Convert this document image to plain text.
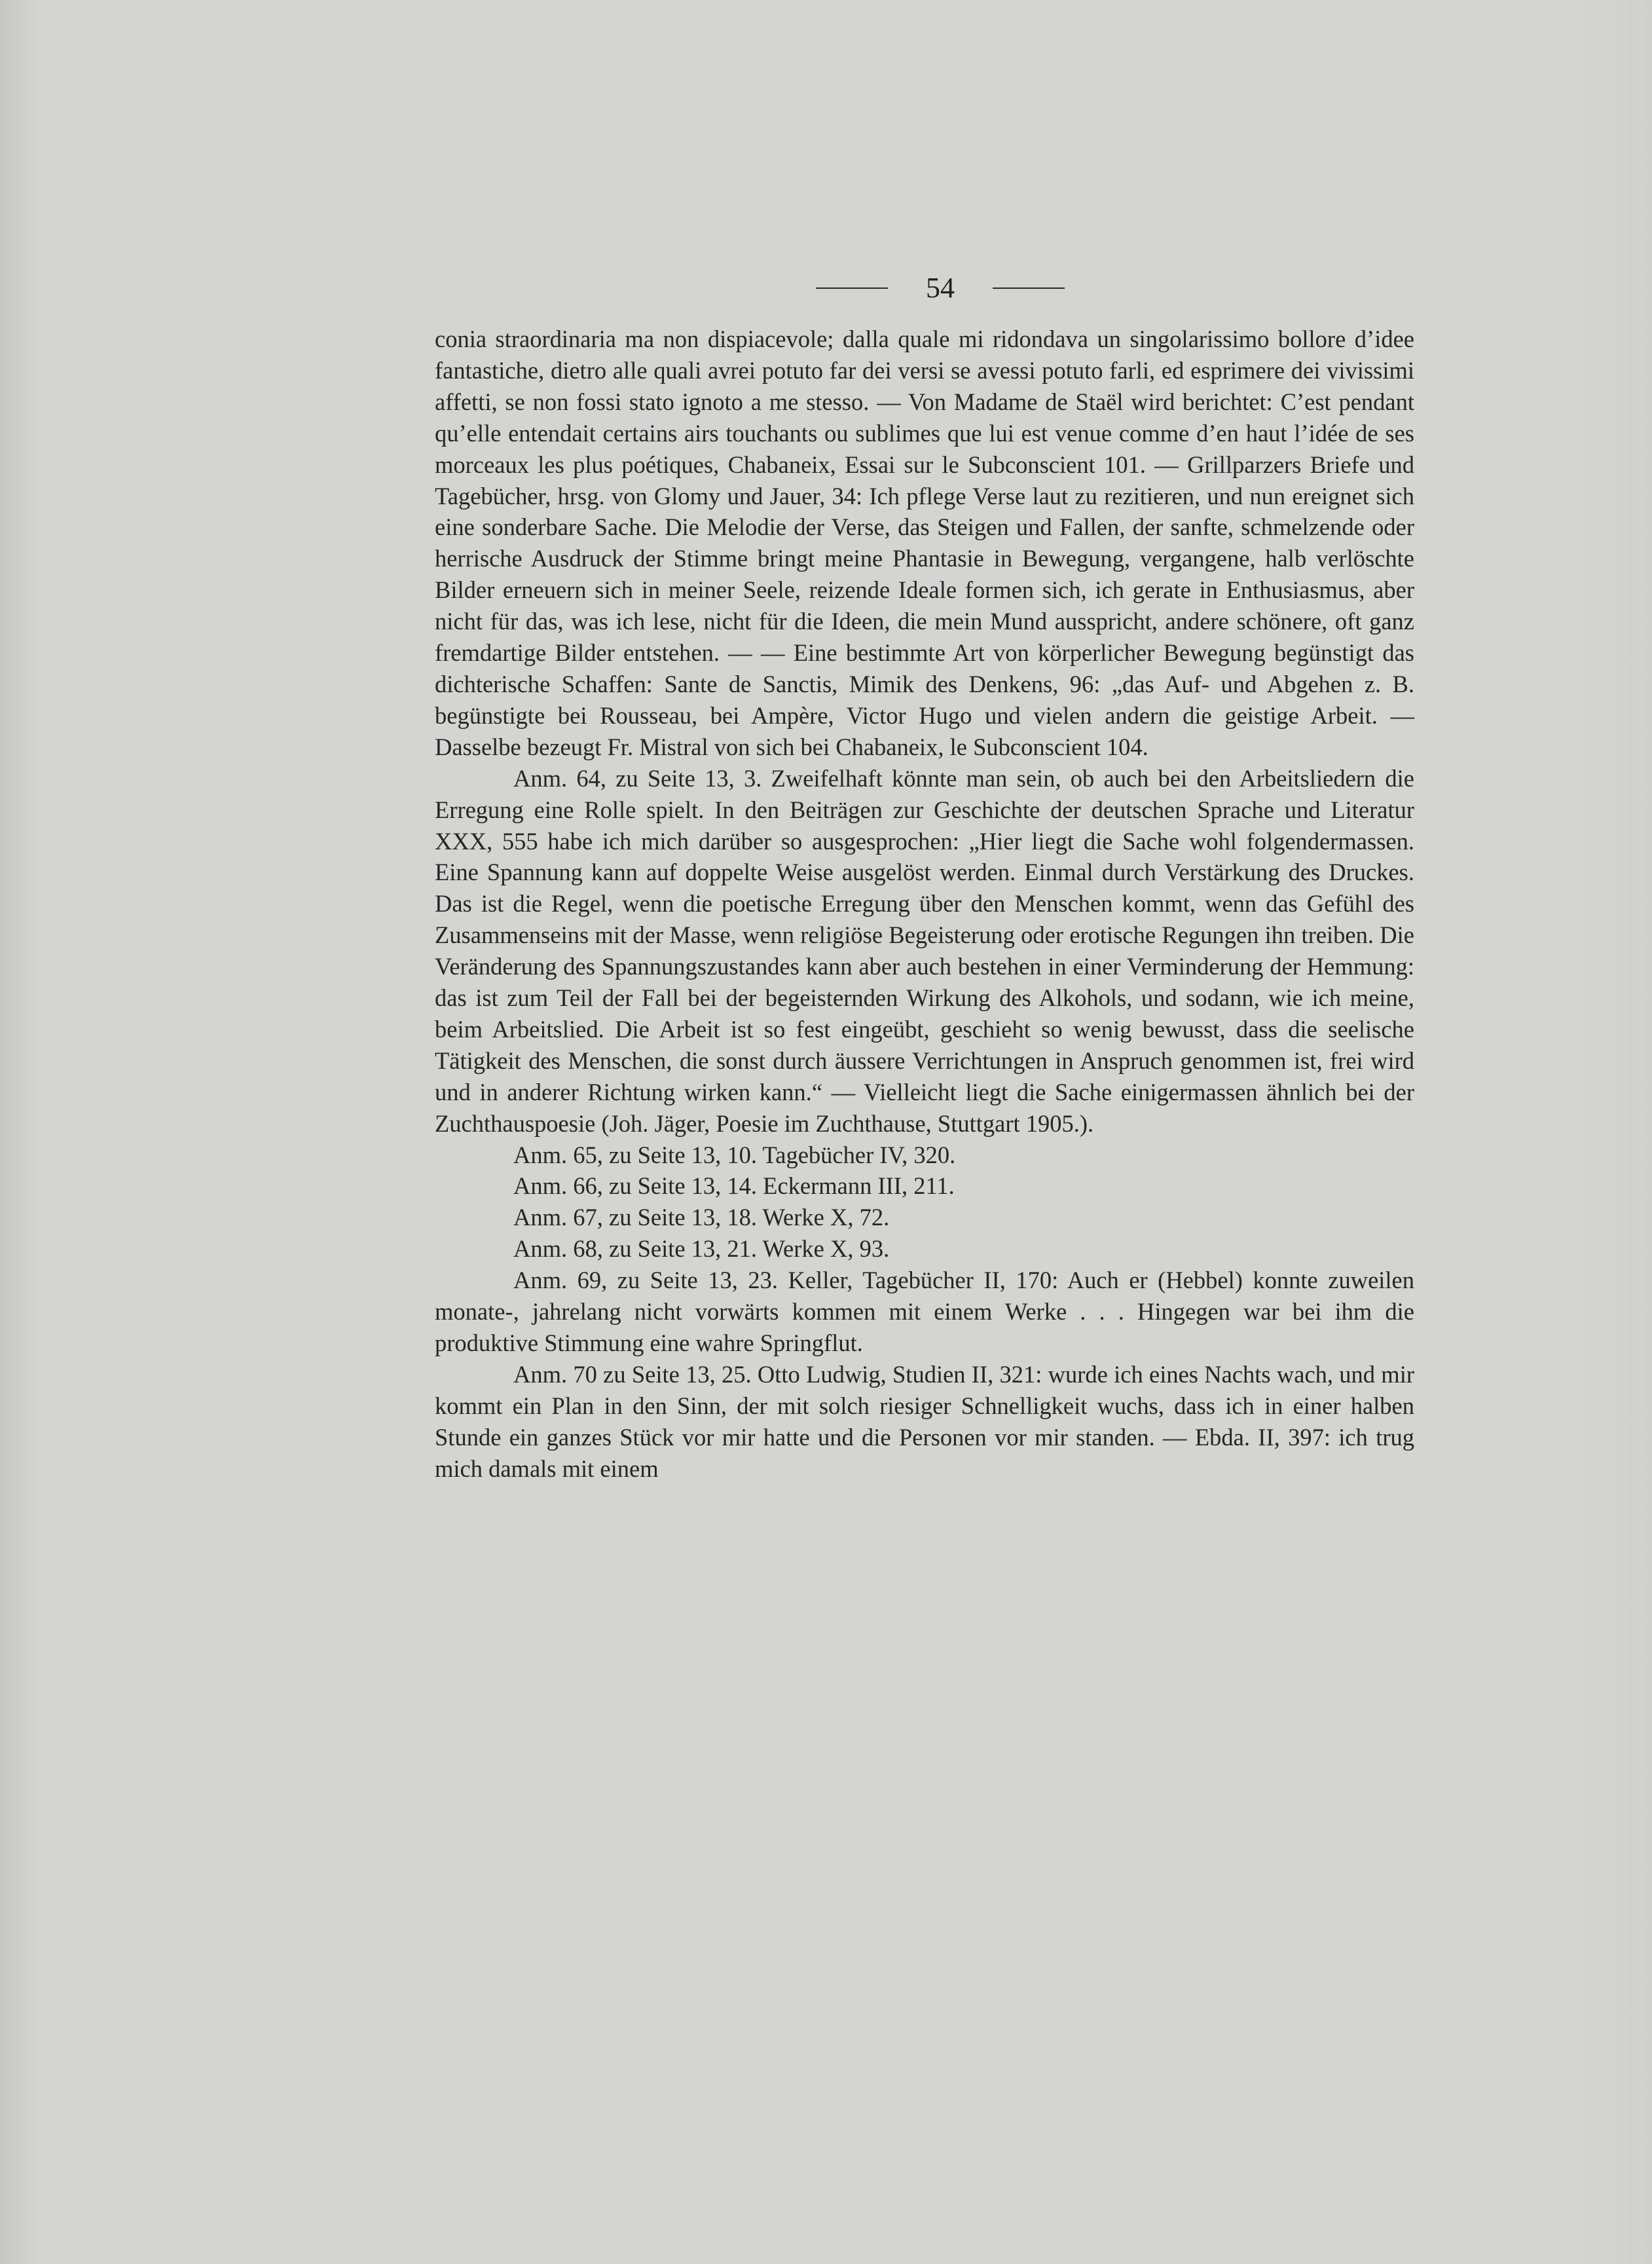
54

conia straordinaria ma non dispiacevole; dalla quale mi ridondava un singolarissimo bollore d’idee fantastiche, dietro alle quali avrei potuto far dei versi se avessi potuto farli, ed esprimere dei vivissimi affetti, se non fossi stato ignoto a me stesso. — Von Madame de Staël wird berichtet: C’est pendant qu’elle entendait certains airs touchants ou sublimes que lui est venue comme d’en haut l’idée de ses morceaux les plus poétiques, Chabaneix, Essai sur le Subconscient 101. — Grillparzers Briefe und Tagebücher, hrsg. von Glomy und Jauer, 34: Ich pflege Verse laut zu rezitieren, und nun ereignet sich eine sonderbare Sache. Die Melodie der Verse, das Steigen und Fallen, der sanfte, schmelzende oder herrische Ausdruck der Stimme bringt meine Phantasie in Bewegung, vergangene, halb verlöschte Bilder erneuern sich in meiner Seele, reizende Ideale formen sich, ich gerate in Enthusiasmus, aber nicht für das, was ich lese, nicht für die Ideen, die mein Mund ausspricht, andere schönere, oft ganz fremdartige Bilder entstehen. — — Eine bestimmte Art von körperlicher Bewegung begünstigt das dichterische Schaffen: Sante de Sanctis, Mimik des Denkens, 96: „das Auf- und Abgehen z. B. begünstigte bei Rousseau, bei Ampère, Victor Hugo und vielen andern die geistige Arbeit. — Dasselbe bezeugt Fr. Mistral von sich bei Chabaneix, le Subconscient 104.

Anm. 64, zu Seite 13, 3. Zweifelhaft könnte man sein, ob auch bei den Arbeitsliedern die Erregung eine Rolle spielt. In den Beiträgen zur Geschichte der deutschen Sprache und Literatur XXX, 555 habe ich mich darüber so ausgesprochen: „Hier liegt die Sache wohl folgendermassen. Eine Spannung kann auf doppelte Weise ausgelöst werden. Einmal durch Verstärkung des Druckes. Das ist die Regel, wenn die poetische Erregung über den Menschen kommt, wenn das Gefühl des Zusammenseins mit der Masse, wenn religiöse Begeisterung oder erotische Regungen ihn treiben. Die Veränderung des Spannungszustandes kann aber auch bestehen in einer Verminderung der Hemmung: das ist zum Teil der Fall bei der begeisternden Wirkung des Alkohols, und sodann, wie ich meine, beim Arbeitslied. Die Arbeit ist so fest eingeübt, geschieht so wenig bewusst, dass die seelische Tätigkeit des Menschen, die sonst durch äussere Verrichtungen in Anspruch genommen ist, frei wird und in anderer Richtung wirken kann.“ — Vielleicht liegt die Sache einigermassen ähnlich bei der Zuchthauspoesie (Joh. Jäger, Poesie im Zuchthause, Stuttgart 1905.).

Anm. 65, zu Seite 13, 10. Tagebücher IV, 320.

Anm. 66, zu Seite 13, 14. Eckermann III, 211.

Anm. 67, zu Seite 13, 18. Werke X, 72.

Anm. 68, zu Seite 13, 21. Werke X, 93.

Anm. 69, zu Seite 13, 23. Keller, Tagebücher II, 170: Auch er (Hebbel) konnte zuweilen monate-, jahrelang nicht vorwärts kommen mit einem Werke . . . Hingegen war bei ihm die produktive Stimmung eine wahre Springflut.

Anm. 70 zu Seite 13, 25. Otto Ludwig, Studien II, 321: wurde ich eines Nachts wach, und mir kommt ein Plan in den Sinn, der mit solch riesiger Schnelligkeit wuchs, dass ich in einer halben Stunde ein ganzes Stück vor mir hatte und die Personen vor mir standen. — Ebda. II, 397: ich trug mich damals mit einem
